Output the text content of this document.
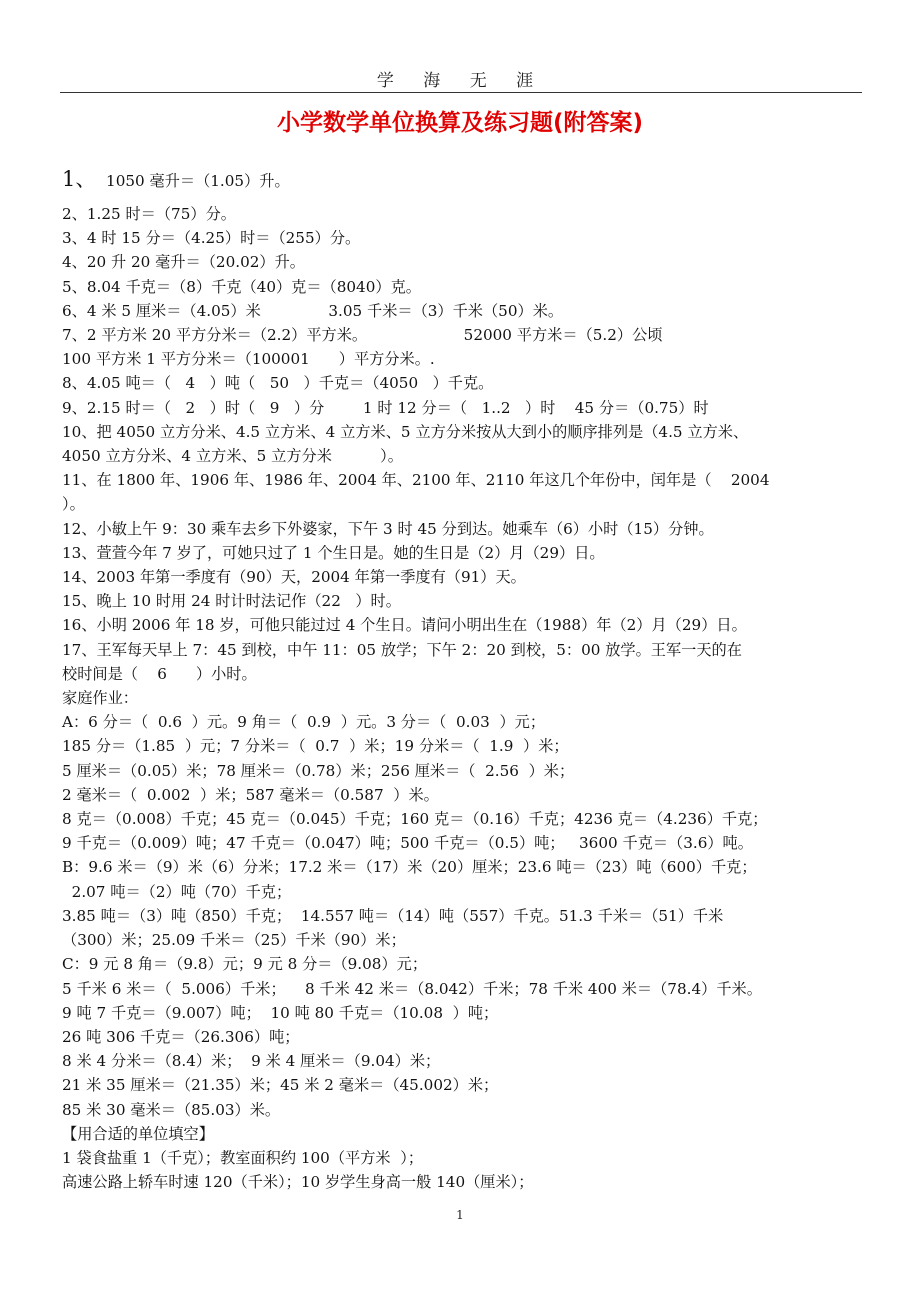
学 海 无 涯
小学数学单位换算及练习题(附答案)
1、  1050 毫升＝（1.05）升。
2、1.25 时＝（75）分。
3、4 时 15 分＝（4.25）时＝（255）分。
4、20 升 20 毫升＝（20.02）升。
5、8.04 千克＝（8）千克（40）克＝（8040）克。
6、4 米 5 厘米＝（4.05）米              3.05 千米＝（3）千米（50）米。
7、2 平方米 20 平方分米＝（2.2）平方米。                    52000 平方米＝（5.2）公顷
100 平方米 1 平方分米＝（100001      ）平方分米。.
8、4.05 吨＝（   4   ）吨（   50   ）千克＝（4050   ）千克。
9、2.15 时＝（   2   ）时（   9   ）分        1 时 12 分＝（   1..2   ）时    45 分＝（0.75）时
10、把 4050 立方分米、4.5 立方米、4 立方米、5 立方分米按从大到小的顺序排列是（4.5 立方米、
4050 立方分米、4 立方米、5 立方分米          ）。
11、在 1800 年、1906 年、1986 年、2004 年、2100 年、2110 年这几个年份中，闰年是（    2004
）。
12、小敏上午 9：30 乘车去乡下外婆家，下午 3 时 45 分到达。她乘车（6）小时（15）分钟。
13、萱萱今年 7 岁了，可她只过了 1 个生日是。她的生日是（2）月（29）日。
14、2003 年第一季度有（90）天，2004 年第一季度有（91）天。
15、晚上 10 时用 24 时计时法记作（22   ）时。
16、小明 2006 年 18 岁，可他只能过过 4 个生日。请问小明出生在（1988）年（2）月（29）日。
17、王军每天早上 7：45 到校，中午 11：05 放学；下午 2：20 到校，5：00 放学。王军一天的在
校时间是（    6      ）小时。
家庭作业：
A：6 分＝（  0.6  ）元。9 角＝（  0.9  ）元。3 分＝（  0.03  ）元；
185 分＝（1.85  ）元；7 分米＝（  0.7  ）米；19 分米＝（  1.9  ）米；
5 厘米＝（0.05）米；78 厘米＝（0.78）米；256 厘米＝（  2.56  ）米；
2 毫米＝（  0.002  ）米；587 毫米＝（0.587  ）米。
8 克＝（0.008）千克；45 克＝（0.045）千克；160 克＝（0.16）千克；4236 克＝（4.236）千克；
9 千克＝（0.009）吨；47 千克＝（0.047）吨；500 千克＝（0.5）吨；   3600 千克＝（3.6）吨。
B：9.6 米＝（9）米（6）分米；17.2 米＝（17）米（20）厘米；23.6 吨＝（23）吨（600）千克；
2.07 吨＝（2）吨（70）千克；
3.85 吨＝（3）吨（850）千克；  14.557 吨＝（14）吨（557）千克。51.3 千米＝（51）千米
（300）米；25.09 千米＝（25）千米（90）米；
C：9 元 8 角＝（9.8）元；9 元 8 分＝（9.08）元；
5 千米 6 米＝（  5.006）千米；    8 千米 42 米＝（8.042）千米；78 千米 400 米＝（78.4）千米。
9 吨 7 千克＝（9.007）吨；  10 吨 80 千克＝（10.08  ）吨；
26 吨 306 千克＝（26.306）吨；
8 米 4 分米＝（8.4）米；  9 米 4 厘米＝（9.04）米；
21 米 35 厘米＝（21.35）米；45 米 2 毫米＝（45.002）米；
85 米 30 毫米＝（85.03）米。
【用合适的单位填空】
1 袋食盐重 1（千克）；教室面积约 100（平方米  ）；
高速公路上轿车时速 120（千米）；10 岁学生身高一般 140（厘米）；
1
